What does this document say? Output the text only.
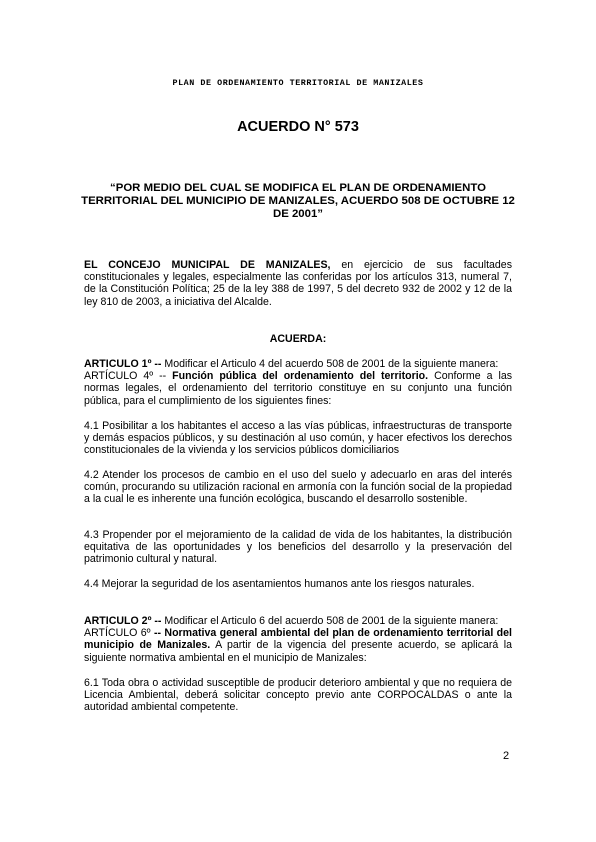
PLAN DE ORDENAMIENTO TERRITORIAL DE MANIZALES
ACUERDO N° 573
“POR MEDIO DEL CUAL SE MODIFICA EL PLAN DE ORDENAMIENTO TERRITORIAL DEL MUNICIPIO DE MANIZALES, ACUERDO 508 DE OCTUBRE 12 DE 2001”

EL CONCEJO MUNICIPAL DE MANIZALES, en ejercicio de sus facultades constitucionales y legales, especialmente las conferidas por los artículos 313, numeral 7, de la Constitución Política; 25 de la ley 388 de 1997, 5 del decreto 932 de 2002 y 12 de la ley 810 de 2003, a iniciativa del Alcalde.

ACUERDA:

ARTICULO 1º -- Modificar el Articulo 4 del acuerdo 508 de 2001 de la siguiente manera:

ARTÍCULO 4º -- Función pública del ordenamiento del territorio. Conforme a las normas legales, el ordenamiento del territorio constituye en su conjunto una función pública, para el cumplimiento de los siguientes fines:

4.1 Posibilitar a los habitantes el acceso a las vías públicas, infraestructuras de transporte y demás espacios públicos, y su destinación al uso común, y hacer efectivos los derechos constitucionales de la vivienda y los servicios públicos domiciliarios
4.2 Atender los procesos de cambio en el uso del suelo y adecuarlo en aras del interés común, procurando su utilización racional en armonía con la función social de la propiedad a la cual le es inherente una función ecológica, buscando el desarrollo sostenible.
4.3 Propender por el mejoramiento de la calidad de vida de los habitantes, la distribución equitativa de las oportunidades y los beneficios del desarrollo y la preservación del patrimonio cultural y natural.
4.4 Mejorar la seguridad de los asentamientos humanos ante los riesgos naturales.

ARTICULO 2º -- Modificar el Articulo 6 del acuerdo 508 de 2001 de la siguiente manera:

ARTÍCULO 6º -- Normativa general ambiental del plan de ordenamiento territorial del municipio de Manizales. A partir de la vigencia del presente acuerdo, se aplicará la siguiente normativa ambiental en el municipio de Manizales:

6.1 Toda obra o actividad susceptible de producir deterioro ambiental y que no requiera de Licencia Ambiental, deberá solicitar concepto previo ante CORPOCALDAS o ante la autoridad ambiental competente.
2
